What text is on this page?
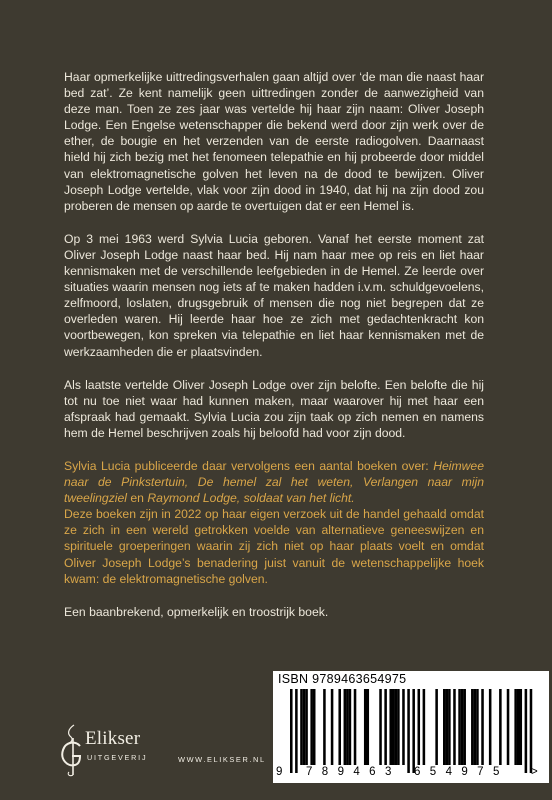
Haar opmerkelijke uittredingsverhalen gaan altijd over ‘de man die naast haar bed zat’. Ze kent namelijk geen uittredingen zonder de aanwezigheid van deze man. Toen ze zes jaar was vertelde hij haar zijn naam: Oliver Joseph Lodge. Een Engelse wetenschapper die bekend werd door zijn werk over de ether, de bougie en het verzenden van de eerste radiogolven. Daarnaast hield hij zich bezig met het fenomeen telepathie en hij probeerde door middel van elektromagnetische golven het leven na de dood te bewijzen. Oliver Joseph Lodge vertelde, vlak voor zijn dood in 1940, dat hij na zijn dood zou proberen de mensen op aarde te overtuigen dat er een Hemel is.

Op 3 mei 1963 werd Sylvia Lucia geboren. Vanaf het eerste moment zat Oliver Joseph Lodge naast haar bed. Hij nam haar mee op reis en liet haar kennismaken met de verschillende leefgebieden in de Hemel. Ze leerde over situaties waarin mensen nog iets af te maken hadden i.v.m. schuldgevoelens, zelfmoord, loslaten, drugsgebruik of mensen die nog niet begrepen dat ze overleden waren. Hij leerde haar hoe ze zich met gedachtenkracht kon voortbewegen, kon spreken via telepathie en liet haar kennismaken met de werkzaamheden die er plaatsvinden.

Als laatste vertelde Oliver Joseph Lodge over zijn belofte. Een belofte die hij tot nu toe niet waar had kunnen maken, maar waarover hij met haar een afspraak had gemaakt. Sylvia Lucia zou zijn taak op zich nemen en namens hem de Hemel beschrijven zoals hij beloofd had voor zijn dood.

Sylvia Lucia publiceerde daar vervolgens een aantal boeken over: Heimwee naar de Pinkstertuin, De hemel zal het weten, Verlangen naar mijn tweelingziel en Raymond Lodge, soldaat van het licht.

Deze boeken zijn in 2022 op haar eigen verzoek uit de handel gehaald omdat ze zich in een wereld getrokken voelde van alternatieve geneeswijzen en spirituele groeperingen waarin zij zich niet op haar plaats voelt en omdat Oliver Joseph Lodge’s benadering juist vanuit de wetenschappelijke hoek kwam: de elektromagnetische golven.

Een baanbrekend, opmerkelijk en troostrijk boek.

Elikser
UITGEVERIJ	WWW.ELIKSER.NL
ISBN 9789463654975
9 789463 654975 >
